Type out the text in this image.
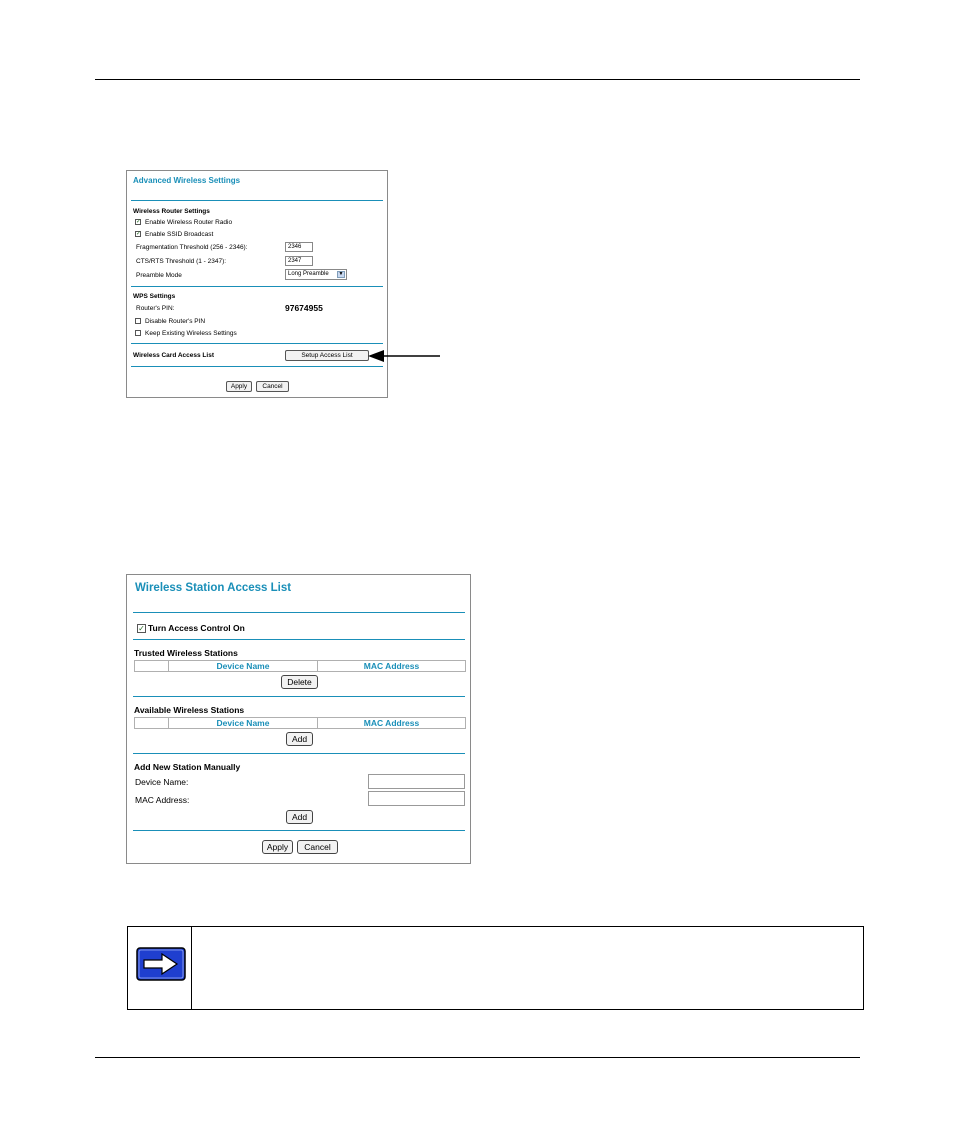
Advanced Wireless Settings
Wireless Router Settings
✓ Enable Wireless Router Radio
✓ Enable SSID Broadcast
Fragmentation Threshold (256 - 2346):	2346
CTS/RTS Threshold (1 - 2347):	2347
Preamble Mode	Long Preamble	▼
WPS Settings
Router's PIN:	97674955
Disable Router's PIN
Keep Existing Wireless Settings
Wireless Card Access List	Setup Access List
Apply	Cancel
Wireless Station Access List
✓ Turn Access Control On
Trusted Wireless Stations
	Device Name	MAC Address
Delete
Available Wireless Stations
	Device Name	MAC Address
Add
Add New Station Manually
Device Name:
MAC Address:
Add
Apply	Cancel
